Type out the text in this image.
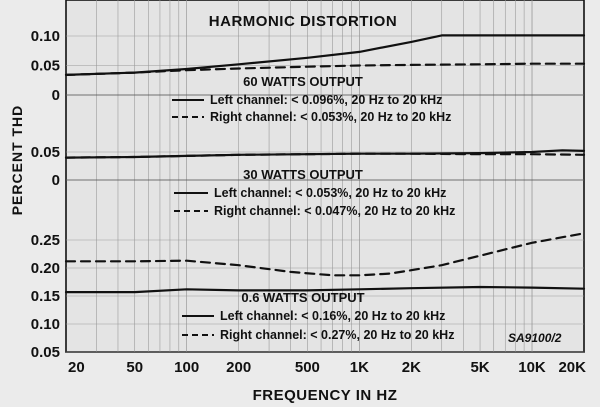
HARMONIC DISTORTION
PERCENT THD
FREQUENCY IN HZ
SA9100/2
20	50 100 200	500 1K 2K	5K 10K 20K
0.10
0.05
0
0.05
0
0.25
0.20
0.15
0.10
0.05
60 WATTS OUTPUT
Left channel: < 0.096%, 20 Hz to 20 kHz
Right channel: < 0.053%, 20 Hz to 20 kHz
30 WATTS OUTPUT
Left channel: < 0.053%, 20 Hz to 20 kHz
Right channel: < 0.047%, 20 Hz to 20 kHz
0.6 WATTS OUTPUT
Left channel: < 0.16%, 20 Hz to 20 kHz
Right channel: < 0.27%, 20 Hz to 20 kHz
